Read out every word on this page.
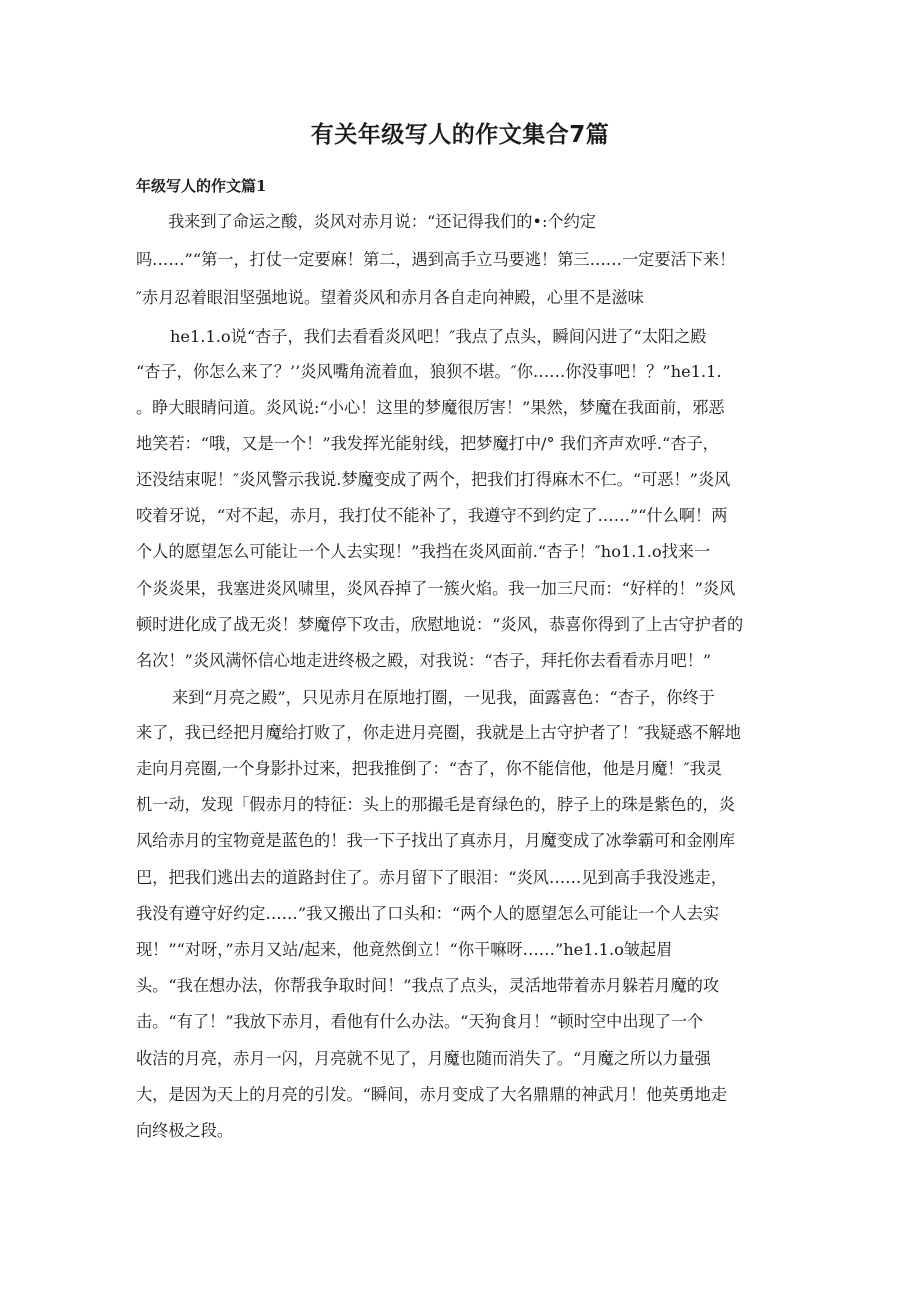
有关年级写人的作文集合7篇
年级写人的作文篇1

我来到了命运之酸，炎风对赤月说：“还记得我们的•:个约定

吗……”“第一，打仗一定要麻！第二，遇到高手立马要逃！第三……一定要活下来！

″赤月忍着眼泪坚强地说。望着炎风和赤月各自走向神殿，心里不是滋味

he1.1.o说“杏子，我们去看看炎风吧！″我点了点头，瞬间闪进了“太阳之殿

“杏子，你怎么来了？’’炎风嘴角流着血，狼狈不堪。″你……你没事吧！？”he1.1.

。睁大眼睛问道。炎风说:“小心！这里的梦魔很厉害！”果然，梦魔在我面前，邪恶

地笑若：“哦，又是一个！”我发挥光能射线，把梦魔打中/° 我们齐声欢呼.“杏子，

还没结束呢！″炎风警示我说.梦魔变成了两个，把我们打得麻木不仁。“可恶！”炎风

咬着牙说，“对不起，赤月，我打仗不能补了，我遵守不到约定了……”“什么啊！两

个人的愿望怎么可能让一个人去实现！”我挡在炎风面前.“杏子！″ho1.1.o找来一

个炎炎果，我塞进炎风啸里，炎风吞掉了一簇火焰。我一加三尺而：“好样的！”炎风

顿时进化成了战无炎！梦魔停下攻击，欣慰地说：“炎风，恭喜你得到了上古守护者的

名次！”炎风满怀信心地走进终极之殿，对我说：“杏子，拜托你去看看赤月吧！”

来到“月亮之殿”，只见赤月在原地打圈，一见我，面露喜色：“杏子，你终于

来了，我已经把月魔给打败了，你走进月亮圈，我就是上古守护者了！″我疑惑不解地

走向月亮圈,一个身影扑过来，把我推倒了：“杏了，你不能信他，他是月魔！″我灵

机一动，发现「假赤月的特征：头上的那撮毛是育绿色的，脖子上的珠是紫色的，炎

风给赤月的宝物竟是蓝色的！我一下子找出了真赤月，月魔变成了冰拳霸可和金刚库

巴，把我们逃出去的道路封住了。赤月留下了眼泪：“炎风……见到高手我没逃走，

我没有遵守好约定……”我又搬出了口头和：“两个人的愿望怎么可能让一个人去实

现！”“对呀，”赤月又站/起来，他竟然倒立！“你干嘛呀……”he1.1.o皱起眉

头。“我在想办法，你帮我争取时间！”我点了点头，灵活地带着赤月躲若月魔的攻

击。“有了！”我放下赤月，看他有什么办法。“天狗食月！”顿时空中出现了一个

收洁的月亮，赤月一闪，月亮就不见了，月魔也随而消失了。“月魔之所以力量强

大，是因为天上的月亮的引发。“瞬间，赤月变成了大名鼎鼎的神武月！他英勇地走

向终极之段。
